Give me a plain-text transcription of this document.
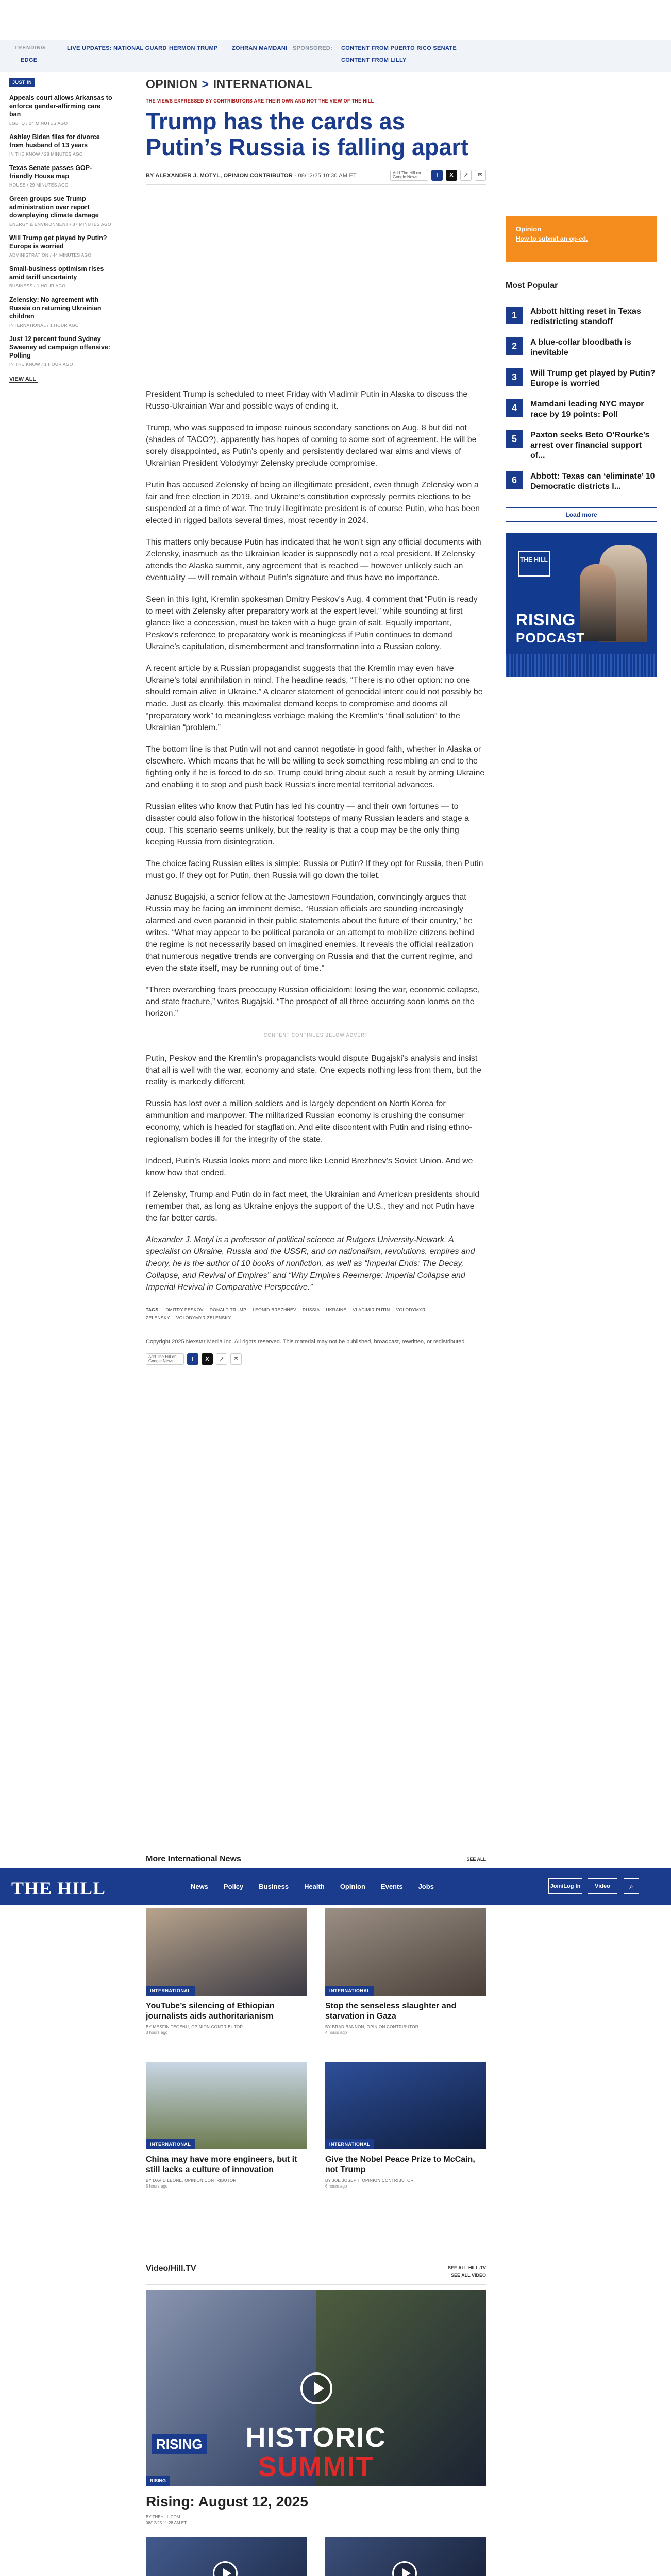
TRENDING	LIVE UPDATES: NATIONAL GUARD HERMON TRUMP ZOHRAN MAMDANI SPONSORED: CONTENT FROM PUERTO RICO SENATE
EDGE	CONTENT FROM LILLY
JUST IN
Appeals court allows Arkansas to enforce gender-affirming care ban
LGBTQ / 24 MINUTES AGO
Ashley Biden files for divorce from husband of 13 years
IN THE KNOW / 28 MINUTES AGO
Texas Senate passes GOP-friendly House map
HOUSE / 29 MINUTES AGO
Green groups sue Trump administration over report downplaying climate damage
ENERGY & ENVIRONMENT / 37 MINUTES AGO
Will Trump get played by Putin? Europe is worried
ADMINISTRATION / 44 MINUTES AGO
Small-business optimism rises amid tariff uncertainty
BUSINESS / 1 HOUR AGO
Zelensky: No agreement with Russia on returning Ukrainian children
INTERNATIONAL / 1 HOUR AGO
Just 12 percent found Sydney Sweeney ad campaign offensive: Polling
IN THE KNOW / 1 HOUR AGO
VIEW ALL
OPINION > INTERNATIONAL
THE VIEWS EXPRESSED BY CONTRIBUTORS ARE THEIR OWN AND NOT THE VIEW OF THE HILL
Trump has the cards as Putin’s Russia is falling apart
BY ALEXANDER J. MOTYL, OPINION CONTRIBUTOR - 08/12/25 10:30 AM ET	Add The Hill on Google News	f	X	↗	✉

President Trump is scheduled to meet Friday with Vladimir Putin in Alaska to discuss the Russo-Ukrainian War and possible ways of ending it.

Trump, who was supposed to impose ruinous secondary sanctions on Aug. 8 but did not (shades of TACO?), apparently has hopes of coming to some sort of agreement. He will be sorely disappointed, as Putin’s openly and persistently declared war aims and views of Ukrainian President Volodymyr Zelensky preclude compromise.

Putin has accused Zelensky of being an illegitimate president, even though Zelensky won a fair and free election in 2019, and Ukraine’s constitution expressly permits elections to be suspended at a time of war. The truly illegitimate president is of course Putin, who has been elected in rigged ballots several times, most recently in 2024.

This matters only because Putin has indicated that he won’t sign any official documents with Zelensky, inasmuch as the Ukrainian leader is supposedly not a real president. If Zelensky attends the Alaska summit, any agreement that is reached — however unlikely such an eventuality — will remain without Putin’s signature and thus have no importance.

Seen in this light, Kremlin spokesman Dmitry Peskov’s Aug. 4 comment that “Putin is ready to meet with Zelensky after preparatory work at the expert level,” while sounding at first glance like a concession, must be taken with a huge grain of salt. Equally important, Peskov’s reference to preparatory work is meaningless if Putin continues to demand Ukraine’s capitulation, dismemberment and transformation into a Russian colony.

A recent article by a Russian propagandist suggests that the Kremlin may even have Ukraine’s total annihilation in mind. The headline reads, “There is no other option: no one should remain alive in Ukraine.” A clearer statement of genocidal intent could not possibly be made. Just as clearly, this maximalist demand keeps to compromise and dooms all “preparatory work” to meaningless verbiage making the Kremlin’s “final solution” to the Ukrainian “problem.”

The bottom line is that Putin will not and cannot negotiate in good faith, whether in Alaska or elsewhere. Which means that he will be willing to seek something resembling an end to the fighting only if he is forced to do so. Trump could bring about such a result by arming Ukraine and enabling it to stop and push back Russia’s incremental territorial advances.

Russian elites who know that Putin has led his country — and their own fortunes — to disaster could also follow in the historical footsteps of many Russian leaders and stage a coup. This scenario seems unlikely, but the reality is that a coup may be the only thing keeping Russia from disintegration.

The choice facing Russian elites is simple: Russia or Putin? If they opt for Russia, then Putin must go. If they opt for Putin, then Russia will go down the toilet.

Janusz Bugajski, a senior fellow at the Jamestown Foundation, convincingly argues that Russia may be facing an imminent demise. “Russian officials are sounding increasingly alarmed and even paranoid in their public statements about the future of their country,” he writes. “What may appear to be political paranoia or an attempt to mobilize citizens behind the regime is not necessarily based on imagined enemies. It reveals the official realization that numerous negative trends are converging on Russia and that the current regime, and even the state itself, may be running out of time.”

“Three overarching fears preoccupy Russian officialdom: losing the war, economic collapse, and state fracture,” writes Bugajski. “The prospect of all three occurring soon looms on the horizon.”

CONTENT CONTINUES BELOW ADVERT

Putin, Peskov and the Kremlin’s propagandists would dispute Bugajski’s analysis and insist that all is well with the war, economy and state. One expects nothing less from them, but the reality is markedly different.

Russia has lost over a million soldiers and is largely dependent on North Korea for ammunition and manpower. The militarized Russian economy is crushing the consumer economy, which is headed for stagflation. And elite discontent with Putin and rising ethno-regionalism bodes ill for the integrity of the state.

Indeed, Putin’s Russia looks more and more like Leonid Brezhnev’s Soviet Union. And we know how that ended.

If Zelensky, Trump and Putin do in fact meet, the Ukrainian and American presidents should remember that, as long as Ukraine enjoys the support of the U.S., they and not Putin have the far better cards.

Alexander J. Motyl is a professor of political science at Rutgers University-Newark. A specialist on Ukraine, Russia and the USSR, and on nationalism, revolutions, empires and theory, he is the author of 10 books of nonfiction, as well as “Imperial Ends: The Decay, Collapse, and Revival of Empires” and “Why Empires Reemerge: Imperial Collapse and Imperial Revival in Comparative Perspective.”

TAGS DMITRY PESKOV DONALD TRUMP LEONID BREZHNEV RUSSIA UKRAINE VLADIMIR PUTIN VOLODYMYR ZELENSKY VOLODYMYR ZELENSKY
Copyright 2025 Nexstar Media Inc. All rights reserved. This material may not be published, broadcast, rewritten, or redistributed.
Add The Hill on Google News	f	X	↗	✉
Opinion
How to submit an op-ed.
Most Popular
1	Abbott hitting reset in Texas redistricting standoff
2	A blue-collar bloodbath is inevitable
3	Will Trump get played by Putin? Europe is worried
4	Mamdani leading NYC mayor race by 19 points: Poll
5	Paxton seeks Beto O’Rourke’s arrest over financial support of...
6	Abbott: Texas can ‘eliminate’ 10 Democratic districts l...
Load more
THE HILL
RISING
PODCAST
More International News	SEE ALL
THE HILL	News Policy Business Health Opinion Events Jobs	Join/Log In	Video	⌕
INTERNATIONAL
YouTube’s silencing of Ethiopian journalists aids authoritarianism
BY MESFIN TEGENU, OPINION CONTRIBUTOR
3 hours ago
INTERNATIONAL
Stop the senseless slaughter and starvation in Gaza
BY BRAD BANNON, OPINION CONTRIBUTOR
4 hours ago
INTERNATIONAL
China may have more engineers, but it still lacks a culture of innovation
BY DAVID LEONE, OPINION CONTRIBUTOR
5 hours ago
INTERNATIONAL
Give the Nobel Peace Prize to McCain, not Trump
BY JOE JOSEPH, OPINION CONTRIBUTOR
6 hours ago
Video/Hill.TV	SEE ALL HILL.TV
SEE ALL VIDEO
RISING	HISTORIC
SUMMIT
RISING
Rising: August 12, 2025
BY THEHILL.COM
08/12/25 11:28 AM ET
